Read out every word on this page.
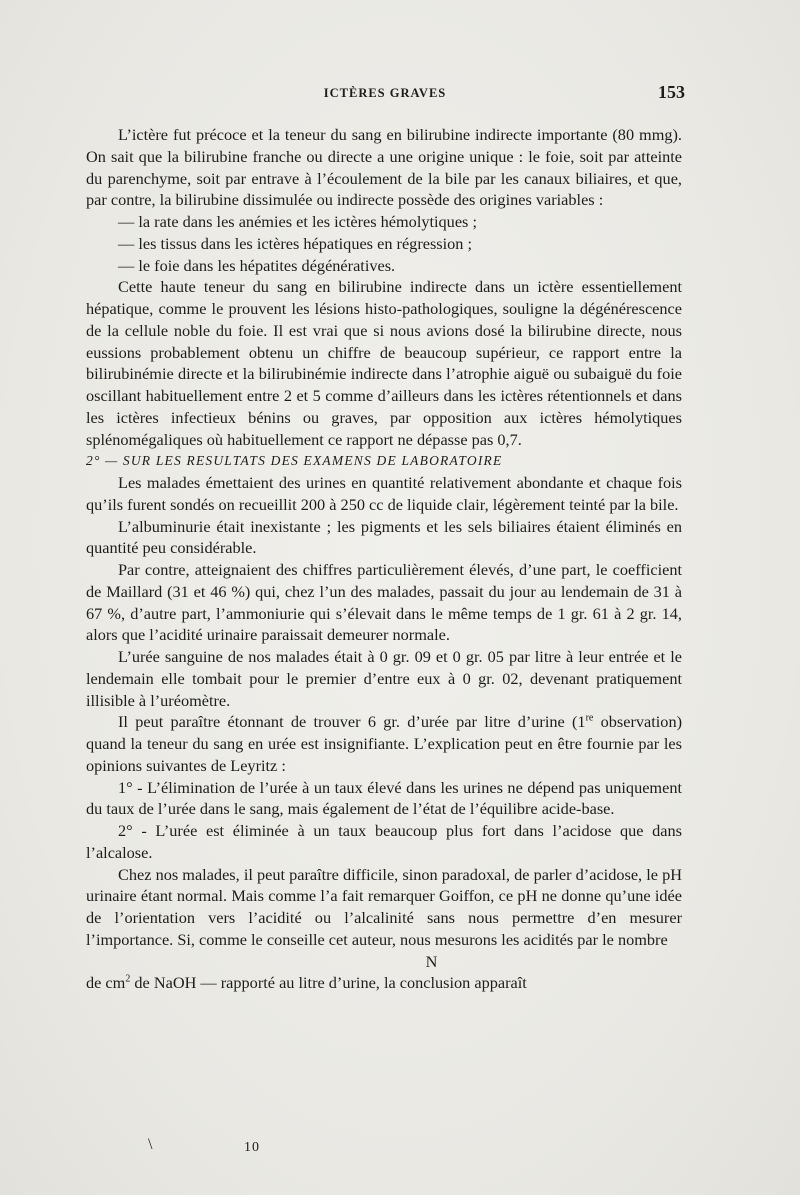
ICTÈRES GRAVES	153

L’ictère fut précoce et la teneur du sang en bilirubine indirecte importante (80 mmg). On sait que la bilirubine franche ou directe a une origine unique : le foie, soit par atteinte du parenchyme, soit par entrave à l’écoulement de la bile par les canaux biliaires, et que, par contre, la bilirubine dissimulée ou indirecte possède des origines variables :

— la rate dans les anémies et les ictères hémolytiques ;

— les tissus dans les ictères hépatiques en régression ;

— le foie dans les hépatites dégénératives.

Cette haute teneur du sang en bilirubine indirecte dans un ictère essentiellement hépatique, comme le prouvent les lésions histo-pathologiques, souligne la dégénérescence de la cellule noble du foie. Il est vrai que si nous avions dosé la bilirubine directe, nous eussions probablement obtenu un chiffre de beaucoup supérieur, ce rapport entre la bilirubinémie directe et la bilirubinémie indirecte dans l’atrophie aiguë ou subaiguë du foie oscillant habituellement entre 2 et 5 comme d’ailleurs dans les ictères rétentionnels et dans les ictères infectieux bénins ou graves, par opposition aux ictères hémolytiques splénomégaliques où habituellement ce rapport ne dépasse pas 0,7.

2° — SUR LES RESULTATS DES EXAMENS DE LABORATOIRE

Les malades émettaient des urines en quantité relativement abondante et chaque fois qu’ils furent sondés on recueillit 200 à 250 cc de liquide clair, légèrement teinté par la bile.

L’albuminurie était inexistante ; les pigments et les sels biliaires étaient éliminés en quantité peu considérable.

Par contre, atteignaient des chiffres particulièrement élevés, d’une part, le coefficient de Maillard (31 et 46 %) qui, chez l’un des malades, passait du jour au lendemain de 31 à 67 %, d’autre part, l’ammoniurie qui s’élevait dans le même temps de 1 gr. 61 à 2 gr. 14, alors que l’acidité urinaire paraissait demeurer normale.

L’urée sanguine de nos malades était à 0 gr. 09 et 0 gr. 05 par litre à leur entrée et le lendemain elle tombait pour le premier d’entre eux à 0 gr. 02, devenant pratiquement illisible à l’uréomètre.

Il peut paraître étonnant de trouver 6 gr. d’urée par litre d’urine (1re observation) quand la teneur du sang en urée est insignifiante. L’explication peut en être fournie par les opinions suivantes de Leyritz :

1° - L’élimination de l’urée à un taux élevé dans les urines ne dépend pas uniquement du taux de l’urée dans le sang, mais également de l’état de l’équilibre acide-base.

2° - L’urée est éliminée à un taux beaucoup plus fort dans l’acidose que dans l’alcalose.

Chez nos malades, il peut paraître difficile, sinon paradoxal, de parler d’acidose, le pH urinaire étant normal. Mais comme l’a fait remarquer Goiffon, ce pH ne donne qu’une idée de l’orientation vers l’acidité ou l’alcalinité sans nous permettre d’en mesurer l’importance. Si, comme le conseille cet auteur, nous mesurons les acidités par le nombre

N

de $cm^2$ de NaOH — rapporté au litre d’urine, la conclusion apparaît

\	10
